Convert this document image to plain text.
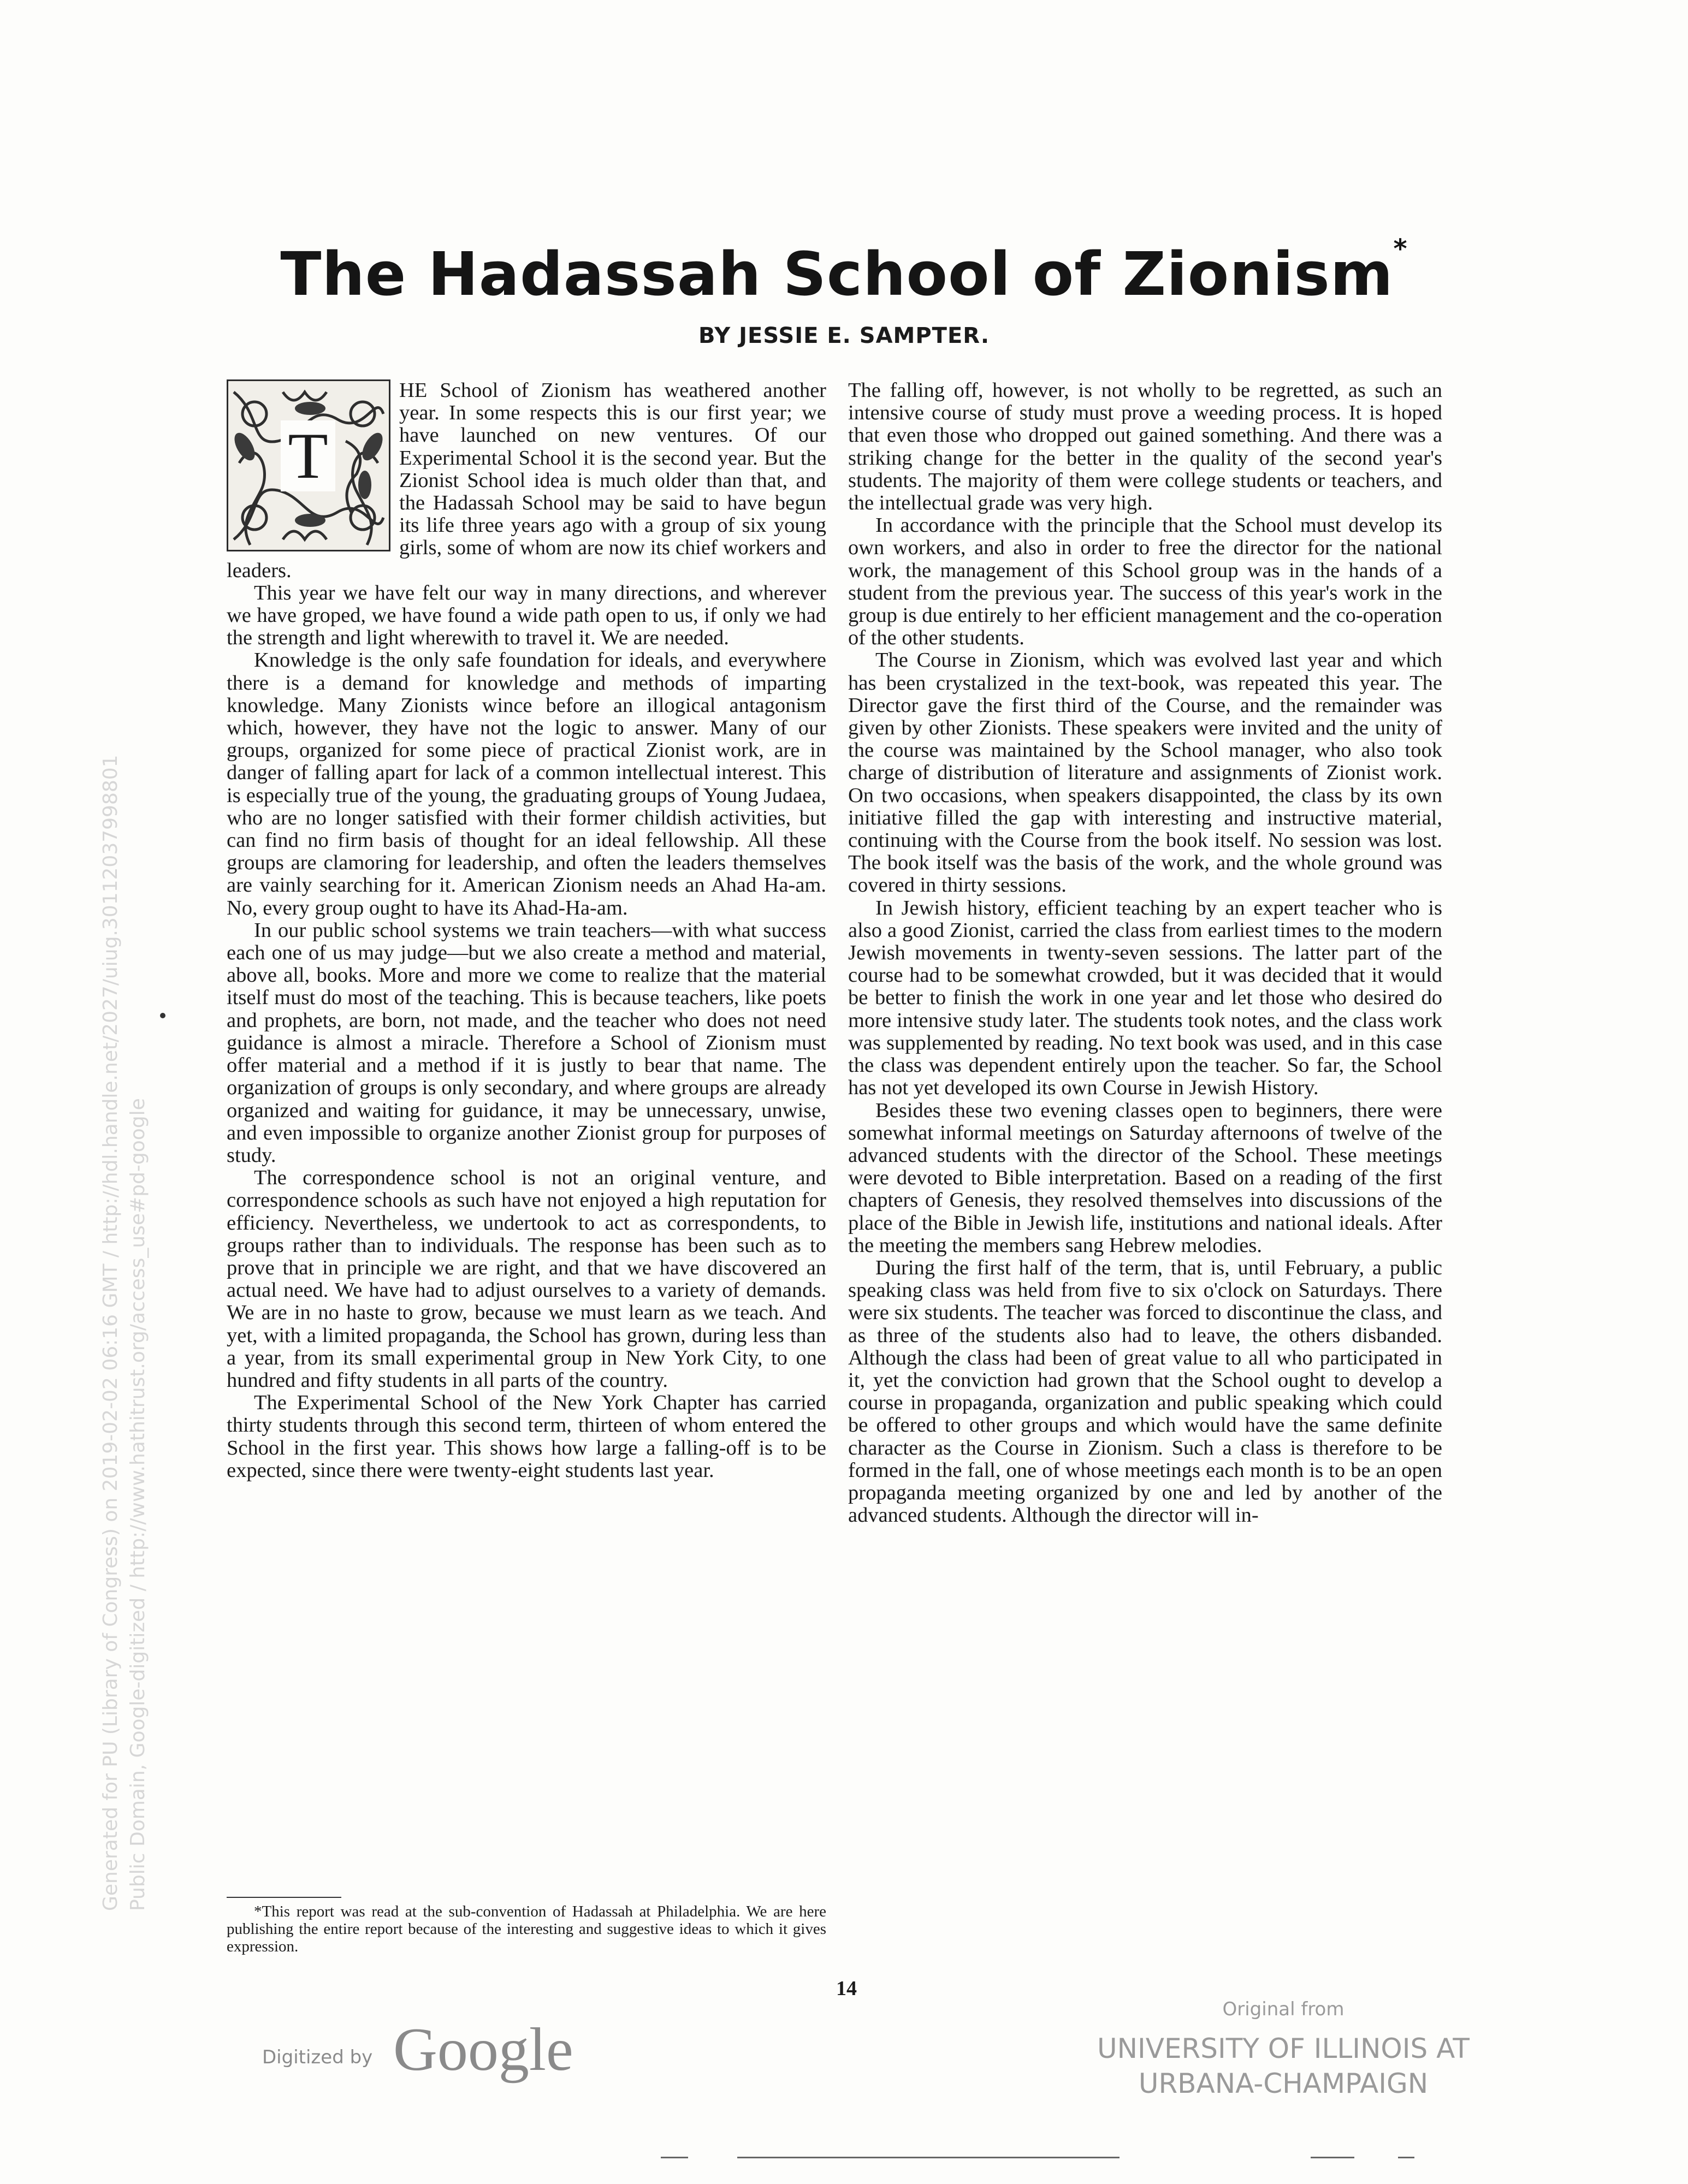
The Hadassah School of Zionism*
BY JESSIE E. SAMPTER.
T

HE School of Zionism has weathered another year. In some respects this is our first year; we have launched on new ventures. Of our Experimental School it is the second year. But the Zionist School idea is much older than that, and the Hadassah School may be said to have begun its life three years ago with a group of six young girls, some of whom are now its chief workers and leaders.

This year we have felt our way in many directions, and wherever we have groped, we have found a wide path open to us, if only we had the strength and light wherewith to travel it. We are needed.

Knowledge is the only safe foundation for ideals, and everywhere there is a demand for knowledge and methods of imparting knowledge. Many Zionists wince before an illogical antagonism which, however, they have not the logic to answer. Many of our groups, organized for some piece of practical Zionist work, are in danger of falling apart for lack of a common intellectual interest. This is especially true of the young, the graduating groups of Young Judaea, who are no longer satisfied with their former childish activities, but can find no firm basis of thought for an ideal fellowship. All these groups are clamoring for leadership, and often the leaders themselves are vainly searching for it. American Zionism needs an Ahad Ha-am. No, every group ought to have its Ahad-Ha-am.

In our public school systems we train teachers—with what success each one of us may judge—but we also create a method and material, above all, books. More and more we come to realize that the material itself must do most of the teaching. This is because teachers, like poets and prophets, are born, not made, and the teacher who does not need guidance is almost a miracle. Therefore a School of Zionism must offer material and a method if it is justly to bear that name. The organization of groups is only secondary, and where groups are already organized and waiting for guidance, it may be unnecessary, unwise, and even impossible to organize another Zionist group for purposes of study.

The correspondence school is not an original venture, and correspondence schools as such have not enjoyed a high reputation for efficiency. Nevertheless, we undertook to act as correspondents, to groups rather than to individuals. The response has been such as to prove that in principle we are right, and that we have discovered an actual need. We have had to adjust ourselves to a variety of demands. We are in no haste to grow, because we must learn as we teach. And yet, with a limited propaganda, the School has grown, during less than a year, from its small experimental group in New York City, to one hundred and fifty students in all parts of the country.

The Experimental School of the New York Chapter has carried thirty students through this second term, thirteen of whom entered the School in the first year. This shows how large a falling-off is to be expected, since there were twenty-eight students last year.

The falling off, however, is not wholly to be regretted, as such an intensive course of study must prove a weeding process. It is hoped that even those who dropped out gained something. And there was a striking change for the better in the quality of the second year's students. The majority of them were college students or teachers, and the intellectual grade was very high.

In accordance with the principle that the School must develop its own workers, and also in order to free the director for the national work, the management of this School group was in the hands of a student from the previous year. The success of this year's work in the group is due entirely to her efficient management and the co-operation of the other students.

The Course in Zionism, which was evolved last year and which has been crystalized in the text-book, was repeated this year. The Director gave the first third of the Course, and the remainder was given by other Zionists. These speakers were invited and the unity of the course was maintained by the School manager, who also took charge of distribution of literature and assignments of Zionist work. On two occasions, when speakers disappointed, the class by its own initiative filled the gap with interesting and instructive material, continuing with the Course from the book itself. No session was lost. The book itself was the basis of the work, and the whole ground was covered in thirty sessions.

In Jewish history, efficient teaching by an expert teacher who is also a good Zionist, carried the class from earliest times to the modern Jewish movements in twenty-seven sessions. The latter part of the course had to be somewhat crowded, but it was decided that it would be better to finish the work in one year and let those who desired do more intensive study later. The students took notes, and the class work was supplemented by reading. No text book was used, and in this case the class was dependent entirely upon the teacher. So far, the School has not yet developed its own Course in Jewish History.

Besides these two evening classes open to beginners, there were somewhat informal meetings on Saturday afternoons of twelve of the advanced students with the director of the School. These meetings were devoted to Bible interpretation. Based on a reading of the first chapters of Genesis, they resolved themselves into discussions of the place of the Bible in Jewish life, institutions and national ideals. After the meeting the members sang Hebrew melodies.

During the first half of the term, that is, until February, a public speaking class was held from five to six o'clock on Saturdays. There were six students. The teacher was forced to discontinue the class, and as three of the students also had to leave, the others disbanded. Although the class had been of great value to all who participated in it, yet the conviction had grown that the School ought to develop a course in propaganda, organization and public speaking which could be offered to other groups and which would have the same definite character as the Course in Zionism. Such a class is therefore to be formed in the fall, one of whose meetings each month is to be an open propaganda meeting organized by one and led by another of the advanced students. Although the director will in-

*This report was read at the sub-convention of Hadassah at Philadelphia. We are here publishing the entire report because of the interesting and suggestive ideas to which it gives expression.

14
Digitized by Google
Original from
UNIVERSITY OF ILLINOIS AT
URBANA-CHAMPAIGN
Generated for PU (Library of Congress) on 2019-02-02 06:16 GMT / http://hdl.handle.net/2027/uiug.30112037998801 Public Domain, Google-digitized / http://www.hathitrust.org/access_use#pd-google
